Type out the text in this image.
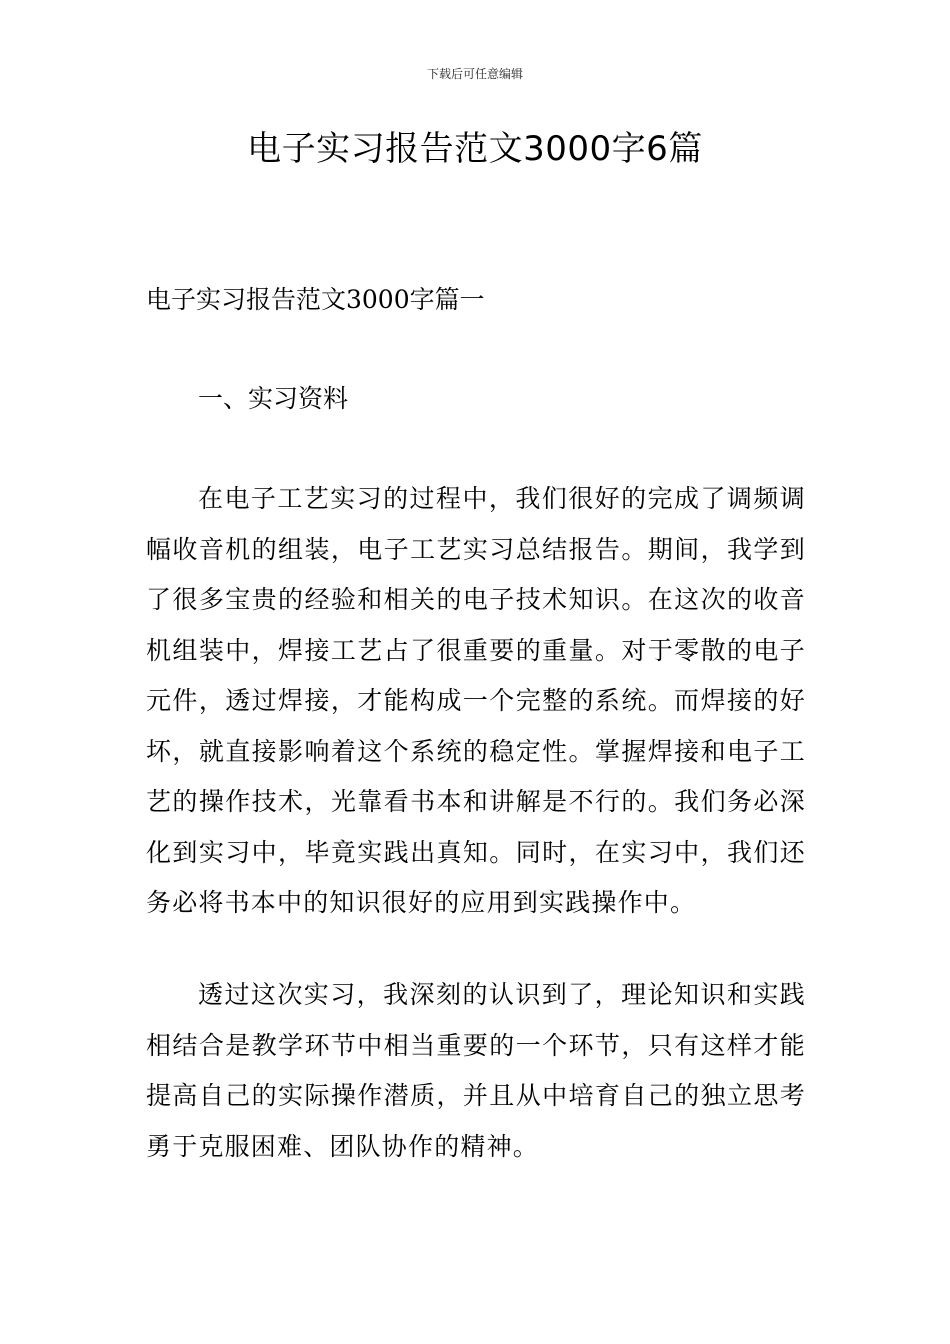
下载后可任意编辑
电子实习报告范文3000字6篇
电子实习报告范文3000字篇一
一、实习资料

在电子工艺实习的过程中，我们很好的完成了调频调幅收音机的组装，电子工艺实习总结报告。期间，我学到了很多宝贵的经验和相关的电子技术知识。在这次的收音机组装中，焊接工艺占了很重要的重量。对于零散的电子元件，透过焊接，才能构成一个完整的系统。而焊接的好坏，就直接影响着这个系统的稳定性。掌握焊接和电子工艺的操作技术，光靠看书本和讲解是不行的。我们务必深化到实习中，毕竟实践出真知。同时，在实习中，我们还务必将书本中的知识很好的应用到实践操作中。

透过这次实习，我深刻的认识到了，理论知识和实践相结合是教学环节中相当重要的一个环节，只有这样才能提高自己的实际操作潜质，并且从中培育自己的独立思考勇于克服困难、团队协作的精神。
